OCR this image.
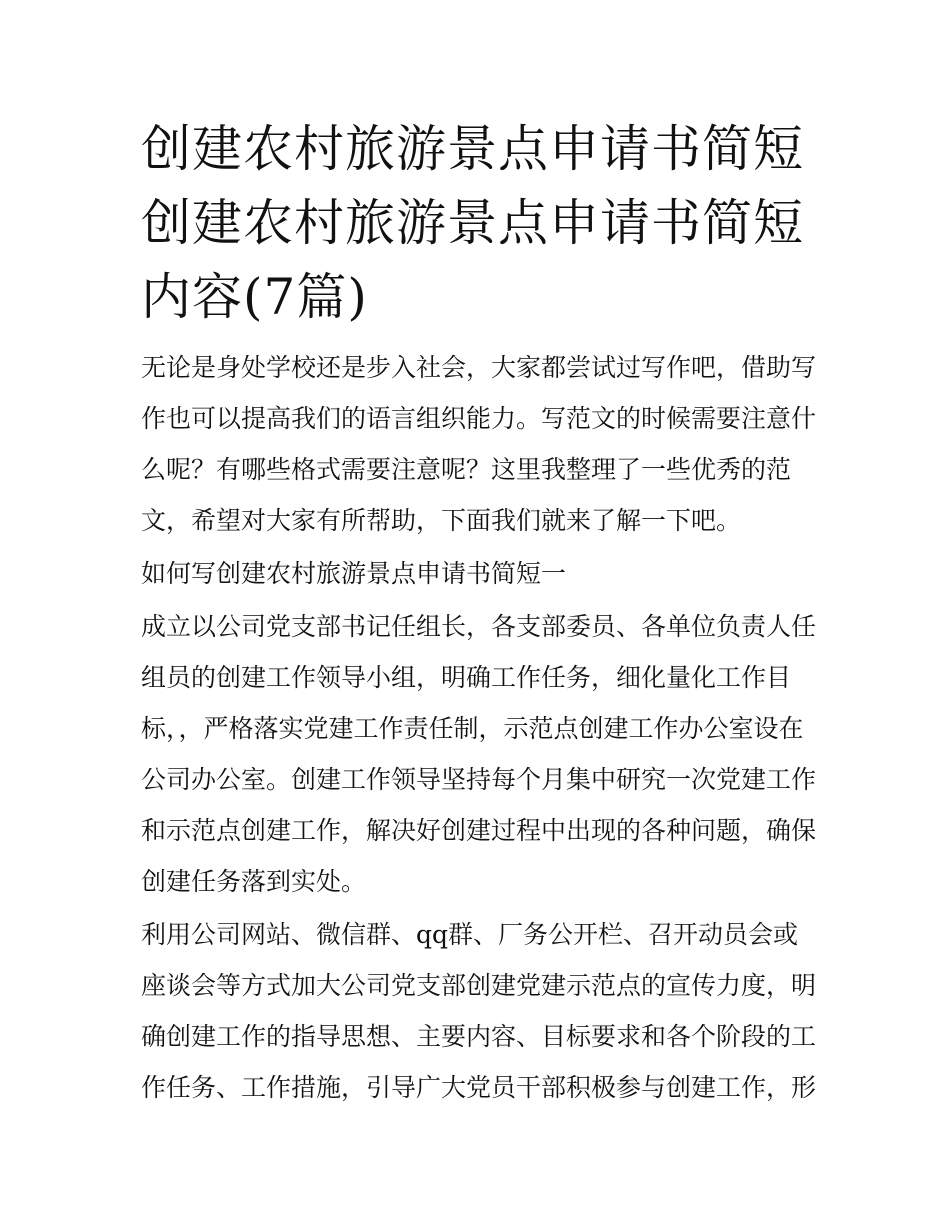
创建农村旅游景点申请书简短
创建农村旅游景点申请书简短
内容(7篇)

无论是身处学校还是步入社会，大家都尝试过写作吧，借助写
作也可以提高我们的语言组织能力。写范文的时候需要注意什
么呢？有哪些格式需要注意呢？这里我整理了一些优秀的范
文，希望对大家有所帮助，下面我们就来了解一下吧。

如何写创建农村旅游景点申请书简短一

成立以公司党支部书记任组长，各支部委员、各单位负责人任
组员的创建工作领导小组，明确工作任务，细化量化工作目
标，，严格落实党建工作责任制，示范点创建工作办公室设在
公司办公室。创建工作领导坚持每个月集中研究一次党建工作
和示范点创建工作，解决好创建过程中出现的各种问题，确保
创建任务落到实处。

利用公司网站、微信群、qq群、厂务公开栏、召开动员会或
座谈会等方式加大公司党支部创建党建示范点的宣传力度，明
确创建工作的指导思想、主要内容、目标要求和各个阶段的工
作任务、工作措施，引导广大党员干部积极参与创建工作，形
